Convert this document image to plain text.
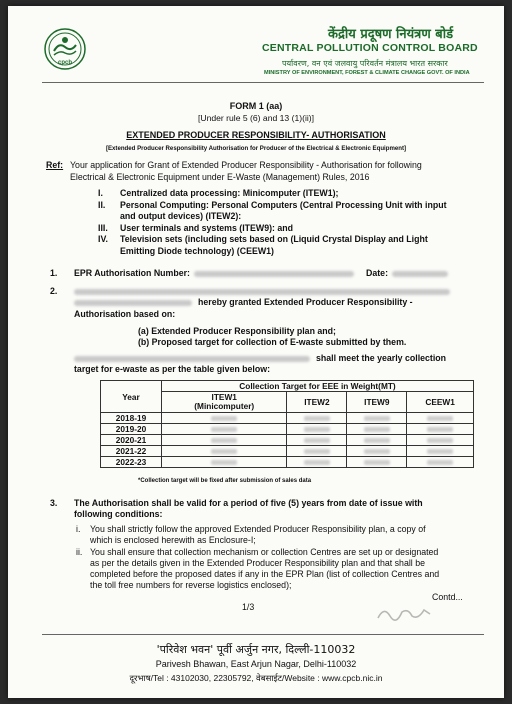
cpcb
केंद्रीय प्रदूषण नियंत्रण बोर्ड
CENTRAL POLLUTION CONTROL BOARD
पर्यावरण, वन एवं जलवायु परिवर्तन मंत्रालय भारत सरकार
MINISTRY OF ENVIRONMENT, FOREST & CLIMATE CHANGE GOVT. OF INDIA
FORM 1 (aa)
[Under rule 5 (6) and 13 (1)(ii)]
EXTENDED PRODUCER RESPONSIBILITY- AUTHORISATION
[Extended Producer Responsibility Authorisation for Producer of the Electrical & Electronic Equipment]
Ref: Your application for Grant of Extended Producer Responsibility - Authorisation for following
Electrical & Electronic Equipment under E-Waste (Management) Rules, 2016
I. Centralized data processing: Minicomputer (ITEW1);
II. Personal Computing: Personal Computers (Central Processing Unit with input
and output devices) (ITEW2):
III. User terminals and systems (ITEW9): and
IV. Television sets (including sets based on (Liquid Crystal Display and Light
Emitting Diode technology) (CEEW1)
1. EPR Authorisation Number:	Date:
2.
hereby granted Extended Producer Responsibility -
Authorisation based on:
(a) Extended Producer Responsibility plan and;
(b) Proposed target for collection of E-waste submitted by them.
shall meet the yearly collection
target for e-waste as per the table given below:
Year	Collection Target for EEE in Weight(MT)			
	ITEW1
(Minicomputer)	ITEW2	ITEW9	CEEW1
2018-19				
2019-20				
2020-21				
2021-22				
2022-23				
*Collection target will be fixed after submission of sales data
3. The Authorisation shall be valid for a period of five (5) years from date of issue with
following conditions:
i. You shall strictly follow the approved Extended Producer Responsibility plan, a copy of
which is enclosed herewith as Enclosure-I;
ii. You shall ensure that collection mechanism or collection Centres are set up or designated
as per the details given in the Extended Producer Responsibility plan and that shall be
completed before the proposed dates if any in the EPR Plan (list of collection Centres and
the toll free numbers for reverse logistics enclosed);
Contd...
1/3
'परिवेश भवन' पूर्वी अर्जुन नगर, दिल्ली-110032
Parivesh Bhawan, East Arjun Nagar, Delhi-110032
दूरभाष/Tel : 43102030, 22305792, वेबसाईट/Website : www.cpcb.nic.in
